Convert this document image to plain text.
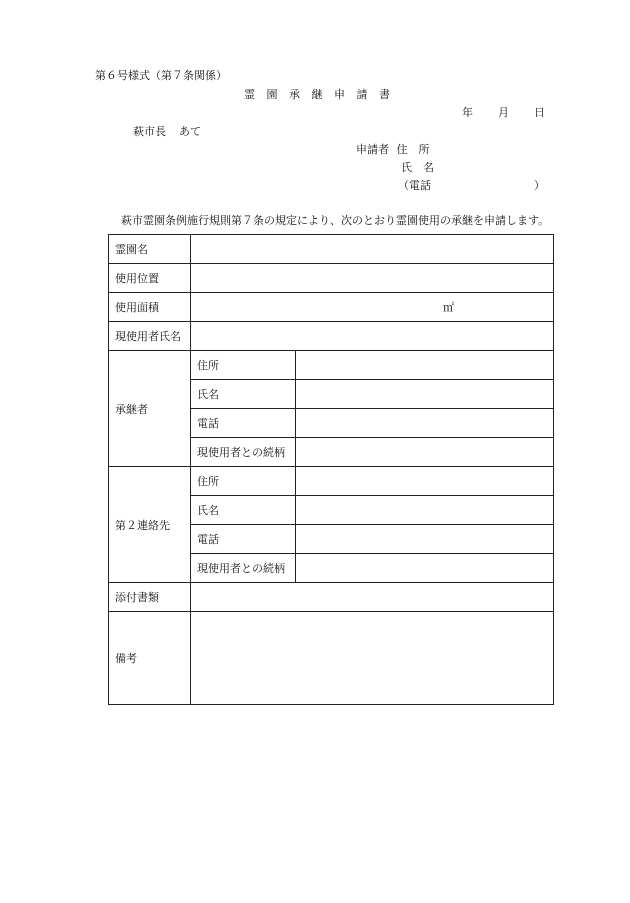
第６号様式（第７条関係）
霊園承継申請書
年 月 日
萩市長 あて
申請者 住　所
氏　名
（電話	）
萩市霊園条例施行規則第７条の規定により、次のとおり霊園使用の承継を申請します。
霊園名		
使用位置		
使用面積	㎡	
現使用者氏名		
承継者	住所	
	氏名	
	電話	
	現使用者との続柄	
第２連絡先	住所	
	氏名	
	電話	
	現使用者との続柄	
添付書類		
備考		
